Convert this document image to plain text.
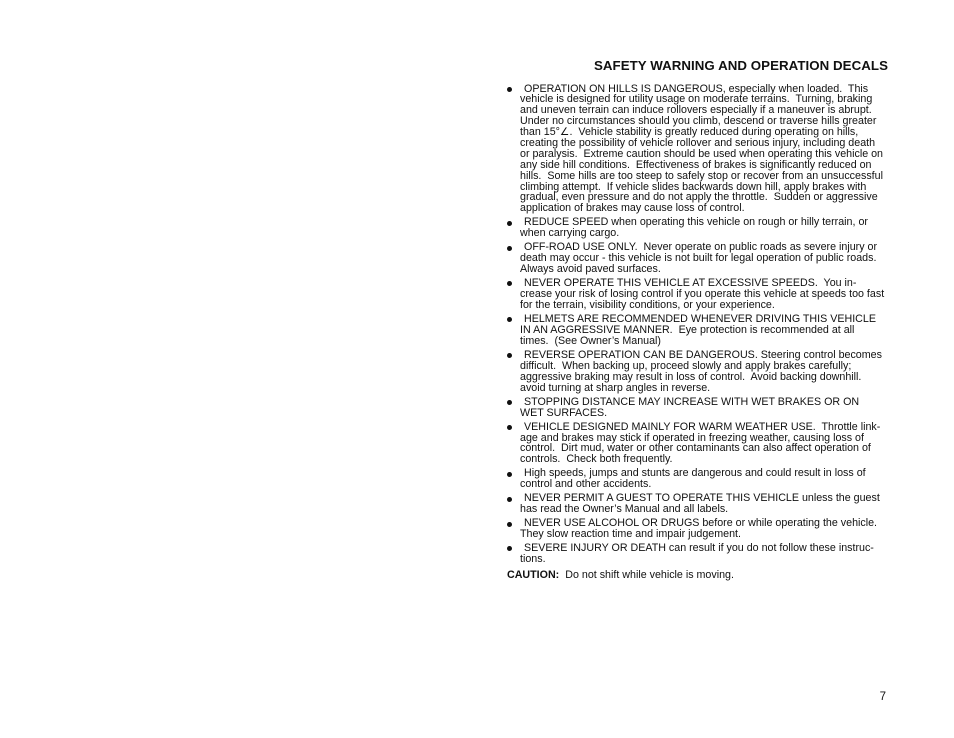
SAFETY WARNING AND OPERATION DECALS
OPERATION ON HILLS IS DANGEROUS, especially when loaded.  This
vehicle is designed for utility usage on moderate terrains.  Turning, braking
and uneven terrain can induce rollovers especially if a maneuver is abrupt.
Under no circumstances should you climb, descend or traverse hills greater
than 15°∠.  Vehicle stability is greatly reduced during operating on hills,
creating the possibility of vehicle rollover and serious injury, including death
or paralysis.  Extreme caution should be used when operating this vehicle on
any side hill conditions.  Effectiveness of brakes is significantly reduced on
hills.  Some hills are too steep to safely stop or recover from an unsuccessful
climbing attempt.  If vehicle slides backwards down hill, apply brakes with
gradual, even pressure and do not apply the throttle.  Sudden or aggressive
application of brakes may cause loss of control.
REDUCE SPEED when operating this vehicle on rough or hilly terrain, or
when carrying cargo.
OFF-ROAD USE ONLY.  Never operate on public roads as severe injury or
death may occur - this vehicle is not built for legal operation of public roads.
Always avoid paved surfaces.
NEVER OPERATE THIS VEHICLE AT EXCESSIVE SPEEDS.  You in-
crease your risk of losing control if you operate this vehicle at speeds too fast
for the terrain, visibility conditions, or your experience.
HELMETS ARE RECOMMENDED WHENEVER DRIVING THIS VEHICLE
IN AN AGGRESSIVE MANNER.  Eye protection is recommended at all
times.  (See Owner’s Manual)
REVERSE OPERATION CAN BE DANGEROUS. Steering control becomes
difficult.  When backing up, proceed slowly and apply brakes carefully;
aggressive braking may result in loss of control.  Avoid backing downhill.
avoid turning at sharp angles in reverse.
STOPPING DISTANCE MAY INCREASE WITH WET BRAKES OR ON
WET SURFACES.
VEHICLE DESIGNED MAINLY FOR WARM WEATHER USE.  Throttle link-
age and brakes may stick if operated in freezing weather, causing loss of
control.  Dirt mud, water or other contaminants can also affect operation of
controls.  Check both frequently.
High speeds, jumps and stunts are dangerous and could result in loss of
control and other accidents.
NEVER PERMIT A GUEST TO OPERATE THIS VEHICLE unless the guest
has read the Owner’s Manual and all labels.
NEVER USE ALCOHOL OR DRUGS before or while operating the vehicle.
They slow reaction time and impair judgement.
SEVERE INJURY OR DEATH can result if you do not follow these instruc-
tions.
CAUTION: Do not shift while vehicle is moving.
7
